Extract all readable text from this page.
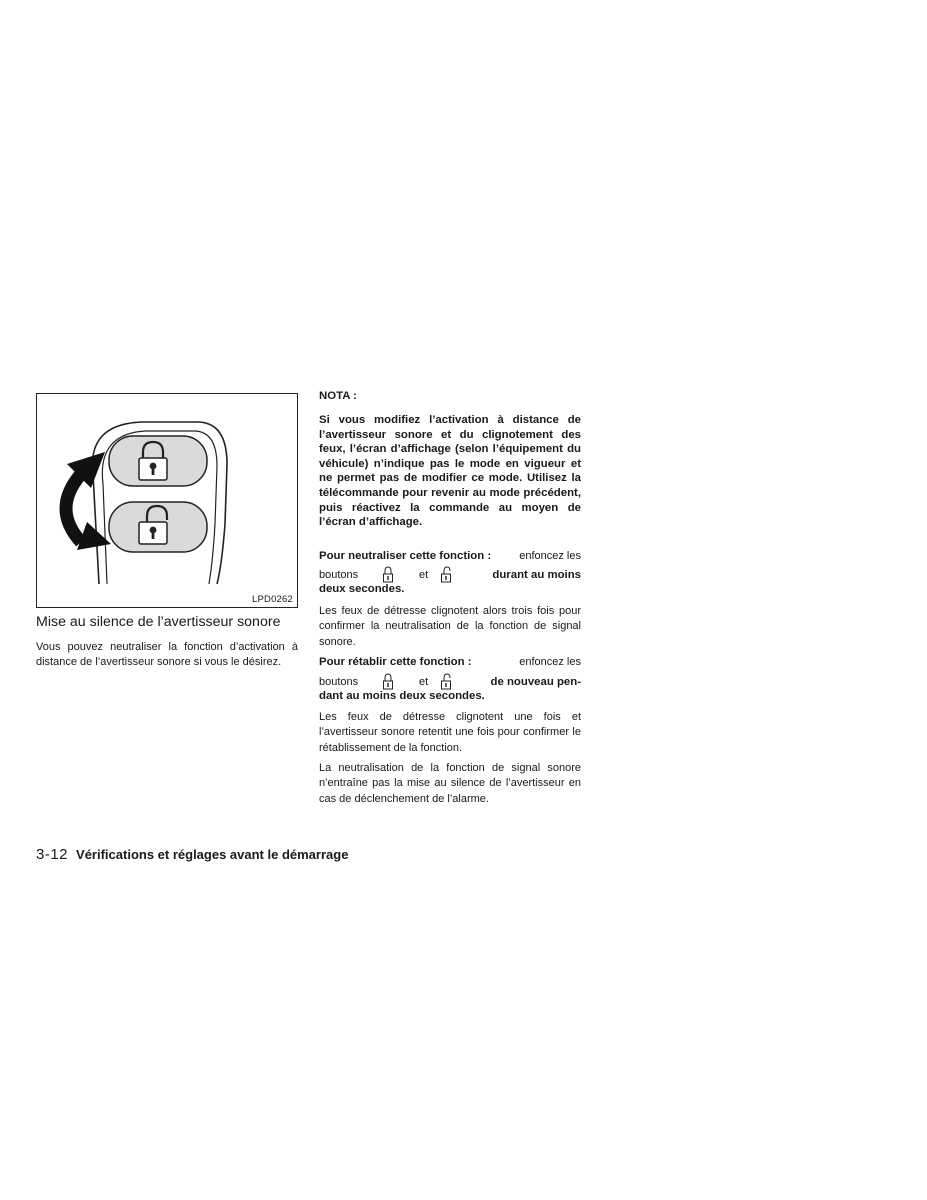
LPD0262
Mise au silence de l’avertisseur sonore

Vous pouvez neutraliser la fonction d’activation à distance de l’avertisseur sonore si vous le désirez.

NOTA :

Si vous modifiez l’activation à distance de l’avertisseur sonore et du clignotement des feux, l’écran d’affichage (selon l’équipement du véhicule) n’indique pas le mode en vigueur et ne permet pas de modifier ce mode. Utilisez la télécommande pour revenir au mode précédent, puis réactivez la commande au moyen de l’écran d’affichage.

Pour neutraliser cette fonction :	enfoncez les
boutons	et	durant au moins
deux secondes.

Les feux de détresse clignotent alors trois fois pour confirmer la neutralisation de la fonction de signal sonore.

Pour rétablir cette fonction :	enfoncez les
boutons	et	de nouveau pen-
dant au moins deux secondes.

Les feux de détresse clignotent une fois et l’avertisseur sonore retentit une fois pour confirmer le rétablissement de la fonction.

La neutralisation de la fonction de signal sonore n’entraîne pas la mise au silence de l’avertisseur en cas de déclenchement de l’alarme.

3-12 Vérifications et réglages avant le démarrage
